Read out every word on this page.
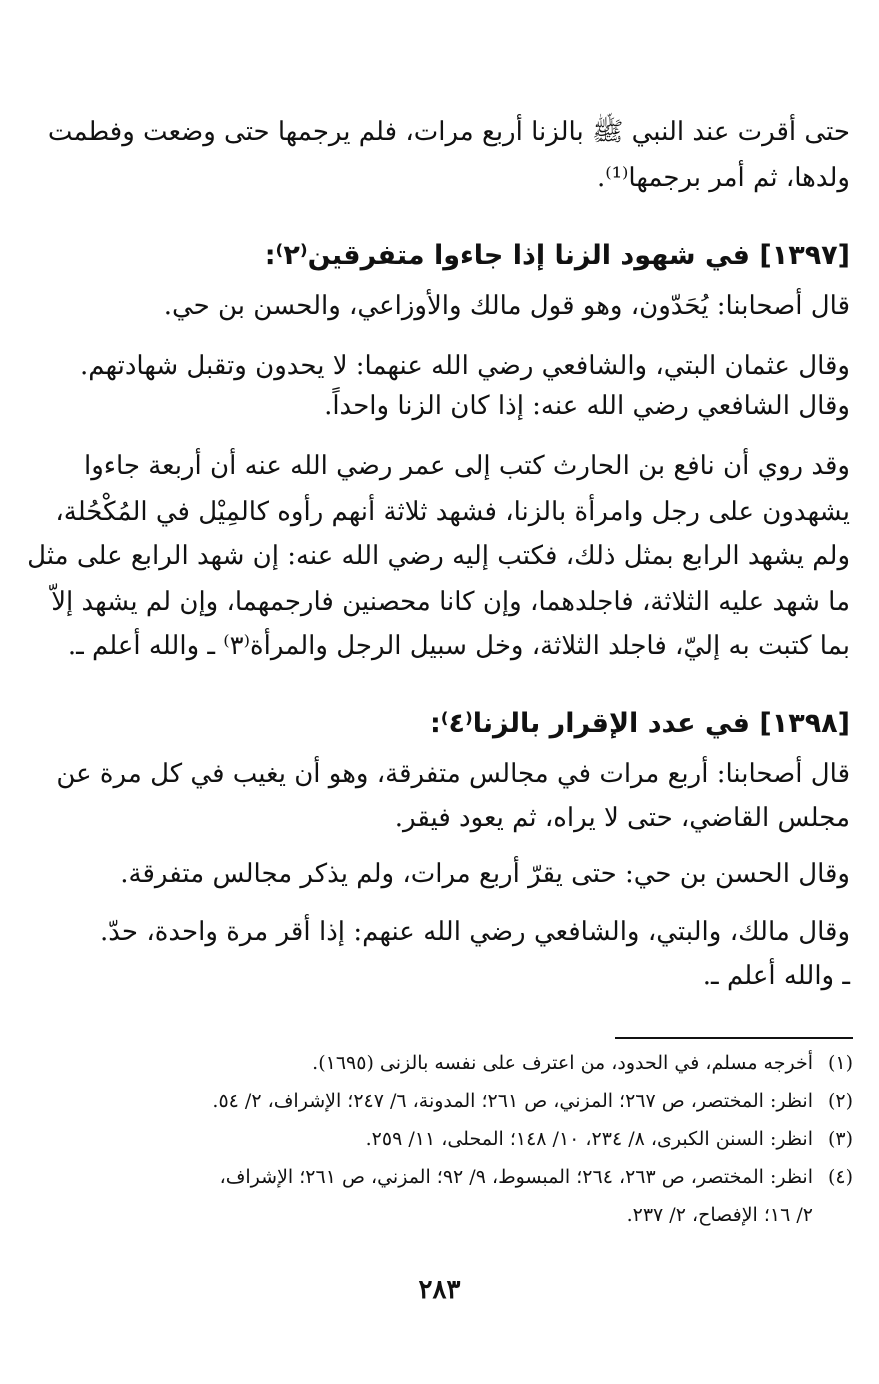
حتى أقرت عند النبي ﷺ بالزنا أربع مرات، فلم يرجمها حتى وضعت وفطمت
ولدها، ثم أمر برجمها⁽¹⁾.
[١٣٩٧] في شهود الزنا إذا جاءوا متفرقين⁽٢⁾:
قال أصحابنا: يُحَدّون، وهو قول مالك والأوزاعي، والحسن بن حي.
وقال عثمان البتي، والشافعي رضي الله عنهما: لا يحدون وتقبل شهادتهم.
وقال الشافعي رضي الله عنه: إذا كان الزنا واحداً.
وقد روي أن نافع بن الحارث كتب إلى عمر رضي الله عنه أن أربعة جاءوا
يشهدون على رجل وامرأة بالزنا، فشهد ثلاثة أنهم رأوه كالمِيْل في المُكْحُلة،
ولم يشهد الرابع بمثل ذلك، فكتب إليه رضي الله عنه: إن شهد الرابع على مثل
ما شهد عليه الثلاثة، فاجلدهما، وإن كانا محصنين فارجمهما، وإن لم يشهد إلاّ
بما كتبت به إليّ، فاجلد الثلاثة، وخل سبيل الرجل والمرأة⁽٣⁾ ـ والله أعلم ـ.
[١٣٩٨] في عدد الإقرار بالزنا⁽٤⁾:
قال أصحابنا: أربع مرات في مجالس متفرقة، وهو أن يغيب في كل مرة عن
مجلس القاضي، حتى لا يراه، ثم يعود فيقر.
وقال الحسن بن حي: حتى يقرّ أربع مرات، ولم يذكر مجالس متفرقة.
وقال مالك، والبتي، والشافعي رضي الله عنهم: إذا أقر مرة واحدة، حدّ.
ـ والله أعلم ـ.
(١)أخرجه مسلم، في الحدود، من اعترف على نفسه بالزنى (١٦٩٥).
(٢)انظر: المختصر، ص ٢٦٧؛ المزني، ص ٢٦١؛ المدونة، ٦/ ٢٤٧؛ الإشراف، ٢/ ٥٤.
(٣)انظر: السنن الكبرى، ٨/ ٢٣٤، ١٠/ ١٤٨؛ المحلى، ١١/ ٢٥٩.
(٤)انظر: المختصر، ص ٢٦٣، ٢٦٤؛ المبسوط، ٩/ ٩٢؛ المزني، ص ٢٦١؛ الإشراف،
٢/ ١٦؛ الإفصاح، ٢/ ٢٣٧.
٢٨٣
